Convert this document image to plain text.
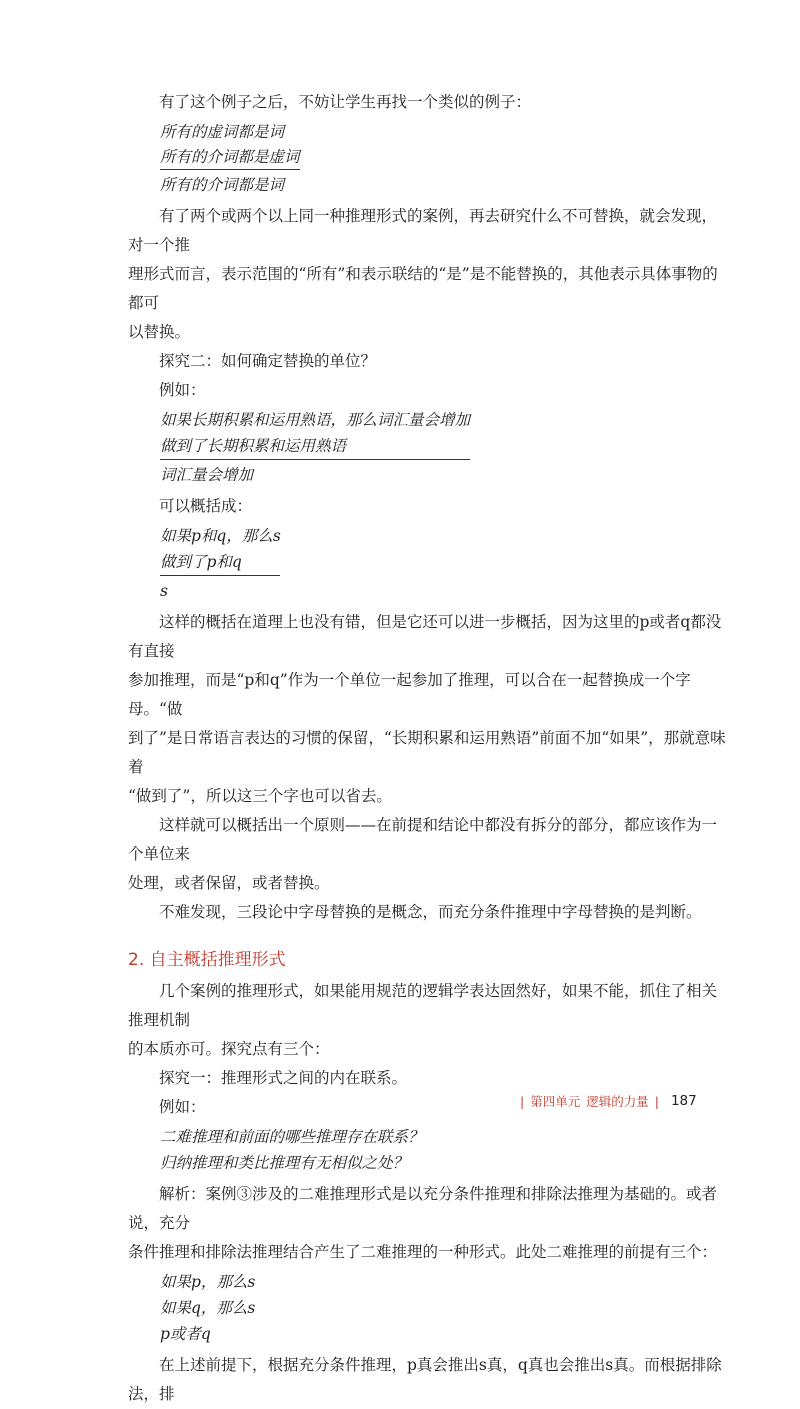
有了这个例子之后，不妨让学生再找一个类似的例子：

所有的虚词都是词

所有的介词都是虚词

所有的介词都是词

有了两个或两个以上同一种推理形式的案例，再去研究什么不可替换，就会发现，对一个推

理形式而言，表示范围的“所有”和表示联结的“是”是不能替换的，其他表示具体事物的都可

以替换。

探究二：如何确定替换的单位？

例如：

如果长期积累和运用熟语，那么词汇量会增加

做到了长期积累和运用熟语

词汇量会增加

可以概括成：

如果p和q，那么s

做到了p和q

s

这样的概括在道理上也没有错，但是它还可以进一步概括，因为这里的p或者q都没有直接

参加推理，而是“p和q”作为一个单位一起参加了推理，可以合在一起替换成一个字母。“做

到了”是日常语言表达的习惯的保留，“长期积累和运用熟语”前面不加“如果”，那就意味着

“做到了”，所以这三个字也可以省去。

这样就可以概括出一个原则——在前提和结论中都没有拆分的部分，都应该作为一个单位来

处理，或者保留，或者替换。

不难发现，三段论中字母替换的是概念，而充分条件推理中字母替换的是判断。

2. 自主概括推理形式

几个案例的推理形式，如果能用规范的逻辑学表达固然好，如果不能，抓住了相关推理机制

的本质亦可。探究点有三个：

探究一：推理形式之间的内在联系。

例如：

二难推理和前面的哪些推理存在联系？

归纳推理和类比推理有无相似之处？

解析：案例③涉及的二难推理形式是以充分条件推理和排除法推理为基础的。或者说，充分

条件推理和排除法推理结合产生了二难推理的一种形式。此处二难推理的前提有三个：

如果p，那么s

如果q，那么s

p或者q

在上述前提下，根据充分条件推理，p真会推出s真，q真也会推出s真。而根据排除法，排

| 第四单元 逻辑的力量 | 187
